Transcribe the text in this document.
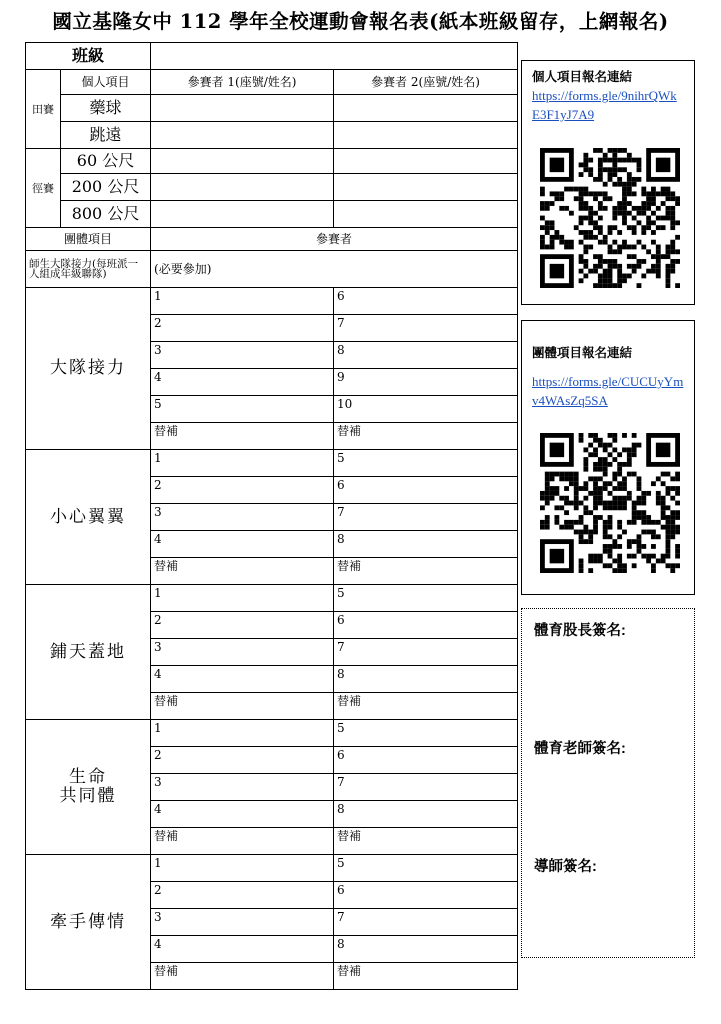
國立基隆女中 112 學年全校運動會報名表(紙本班級留存，上網報名)
班級			
田賽	個人項目	參賽者 1(座號/姓名)	參賽者 2(座號/姓名)
	藥球		
	跳遠		
徑賽	60 公尺		
	200 公尺		
	800 公尺		
團體項目		參賽者	
師生大隊接力(每班派一人組成年級聯隊)		(必要參加)	
大隊接力		1	6
		2	7
		3	8
		4	9
		5	10
		替補	替補
小心翼翼		1	5
		2	6
		3	7
		4	8
		替補	替補
鋪天蓋地		1	5
		2	6
		3	7
		4	8
		替補	替補
生命
共同體		1	5
		2	6
		3	7
		4	8
		替補	替補
牽手傳情		1	5
		2	6
		3	7
		4	8
		替補	替補
個人項目報名連結
https://forms.gle/9nihrQWkE3F1yJ7A9
團體項目報名連結
https://forms.gle/CUCUyYmv4WAsZq5SA
體育股長簽名:
體育老師簽名:
導師簽名:
